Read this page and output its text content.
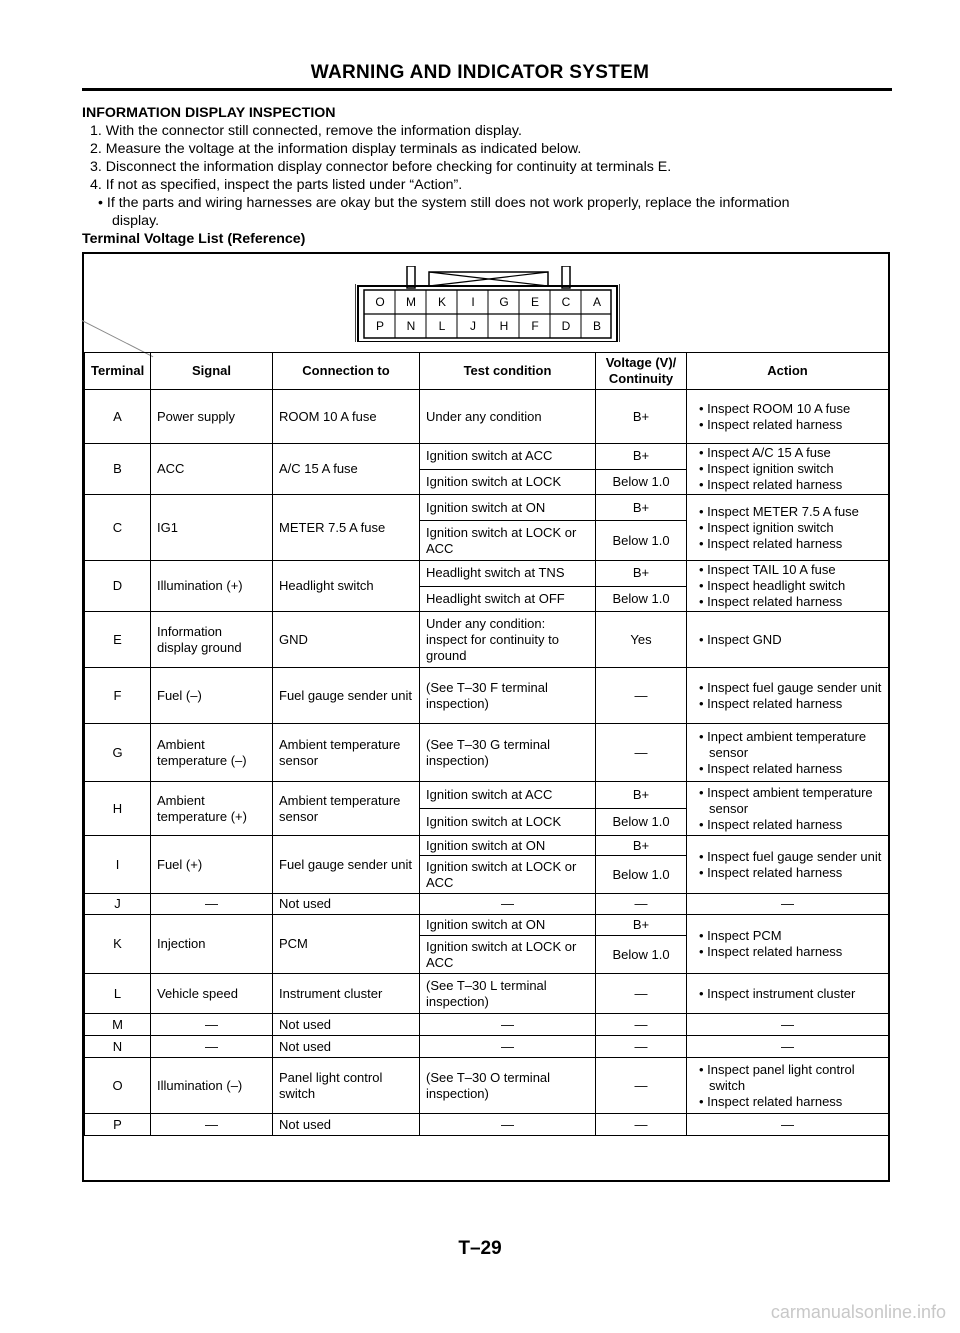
WARNING AND INDICATOR SYSTEM
INFORMATION DISPLAY INSPECTION
1. With the connector still connected, remove the information display.
2. Measure the voltage at the information display terminals as indicated below.
3. Disconnect the information display connector before checking for continuity at terminals E.
4. If not as specified, inspect the parts listed under “Action”.
• If the parts and wiring harnesses are okay but the system still does not work properly, replace the information display.
Terminal Voltage List (Reference)
O	M	K	I	G	E	C	A
P	N	L	J	H	F	D	B
Terminal	Signal	Connection to	Test condition	Voltage (V)/ Continuity	Action
A	Power supply	ROOM 10 A fuse	Under any condition	B+	• Inspect ROOM 10 A fuse
• Inspect related harness

B	ACC	A/C 15 A fuse	Ignition switch at ACC	B+	• Inspect A/C 15 A fuse
• Inspect ignition switch
• Inspect related harness

			Ignition switch at LOCK	Below 1.0	
C	IG1	METER 7.5 A fuse	Ignition switch at ON	B+	• Inspect METER 7.5 A fuse
• Inspect ignition switch
• Inspect related harness

			Ignition switch at LOCK or ACC	Below 1.0	
D	Illumination (+)	Headlight switch	Headlight switch at TNS	B+	• Inspect TAIL 10 A fuse
• Inspect headlight switch
• Inspect related harness

			Headlight switch at OFF	Below 1.0	
E	Information display ground	GND	Under any condition: inspect for continuity to ground	Yes	• Inspect GND

F	Fuel (–)	Fuel gauge sender unit	(See T–30 F terminal inspection)	—	• Inspect fuel gauge sender unit
• Inspect related harness

G	Ambient temperature (–)	Ambient temperature sensor	(See T–30 G terminal inspection)	—	• Inpect ambient temperature sensor
• Inspect related harness

H	Ambient temperature (+)	Ambient temperature sensor	Ignition switch at ACC	B+	• Inspect ambient temperature sensor
• Inspect related harness

			Ignition switch at LOCK	Below 1.0	
I	Fuel (+)	Fuel gauge sender unit	Ignition switch at ON	B+	• Inspect fuel gauge sender unit
• Inspect related harness

			Ignition switch at LOCK or ACC	Below 1.0	
J	—	Not used	—	—	—
K	Injection	PCM	Ignition switch at ON	B+	• Inspect PCM
• Inspect related harness

			Ignition switch at LOCK or ACC	Below 1.0	
L	Vehicle speed	Instrument cluster	(See T–30 L terminal inspection)	—	• Inspect instrument cluster

M	—	Not used	—	—	—
N	—	Not used	—	—	—
O	Illumination (–)	Panel light control switch	(See T–30 O terminal inspection)	—	• Inspect panel light control switch
• Inspect related harness

P	—	Not used	—	—	—
T–29
carmanualsonline.info
